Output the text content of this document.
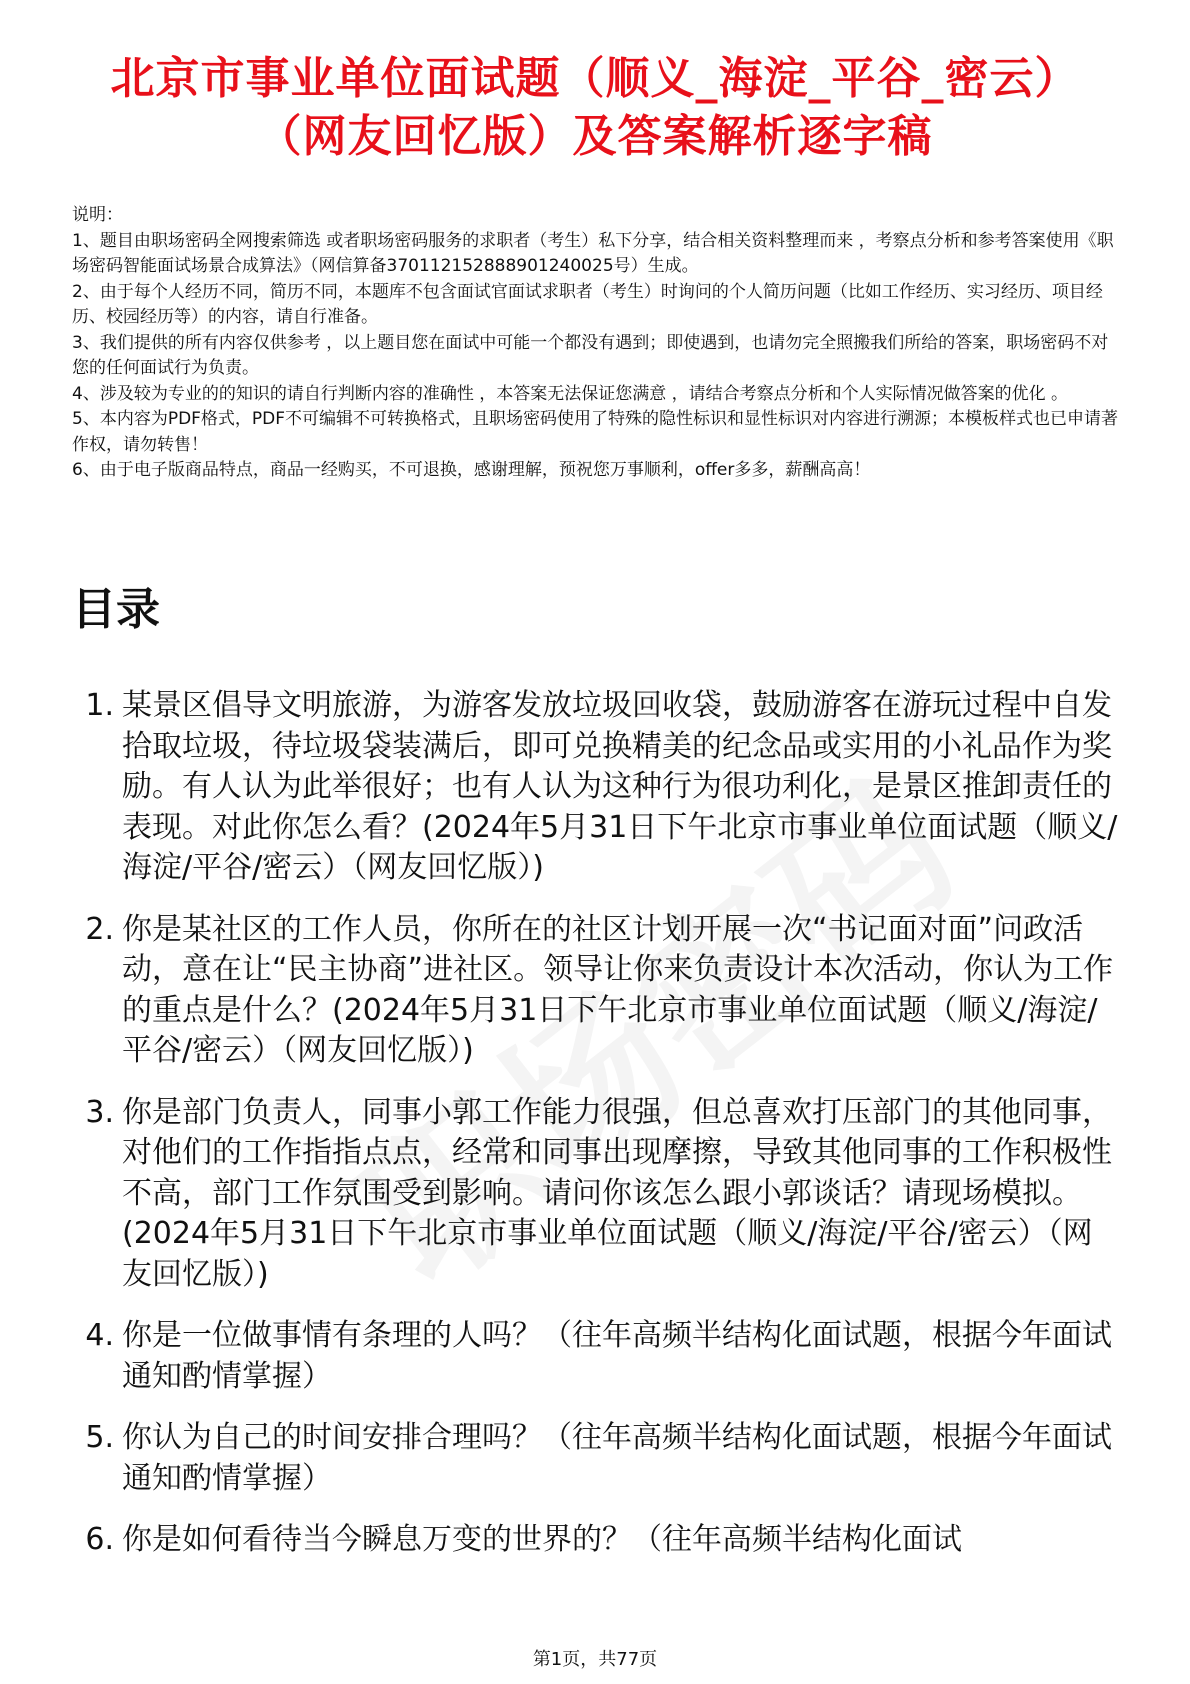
北京市事业单位面试题（顺义_海淀_平谷_密云）（网友回忆版）及答案解析逐字稿

说明：

1、题目由职场密码全网搜索筛选 或者职场密码服务的求职者（考生）私下分享，结合相关资料整理而来 ，考察点分析和参考答案使用《职场密码智能面试场景合成算法》（网信算备370112152888901240025号）生成。

2、由于每个人经历不同，简历不同，本题库不包含面试官面试求职者（考生）时询问的个人简历问题（比如工作经历、实习经历、项目经历、校园经历等）的内容，请自行准备。

3、我们提供的所有内容仅供参考 ，以上题目您在面试中可能一个都没有遇到；即使遇到，也请勿完全照搬我们所给的答案，职场密码不对您的任何面试行为负责。

4、涉及较为专业的的知识的请自行判断内容的准确性 ，本答案无法保证您满意 ，请结合考察点分析和个人实际情况做答案的优化 。

5、本内容为PDF格式，PDF不可编辑不可转换格式，且职场密码使用了特殊的隐性标识和显性标识对内容进行溯源；本模板样式也已申请著作权，请勿转售！

6、由于电子版商品特点，商品一经购买，不可退换，感谢理解，预祝您万事顺利，offer多多，薪酬高高！

目录
1. 某景区倡导文明旅游，为游客发放垃圾回收袋，鼓励游客在游玩过程中自发拾取垃圾，待垃圾袋装满后，即可兑换精美的纪念品或实用的小礼品作为奖励。有人认为此举很好；也有人认为这种行为很功利化，是景区推卸责任的表现。对此你怎么看？(2024年5月31日下午北京市事业单位面试题（顺义/海淀/平谷/密云）（网友回忆版）)
2. 你是某社区的工作人员，你所在的社区计划开展一次“书记面对面”问政活动，意在让“民主协商”进社区。领导让你来负责设计本次活动，你认为工作的重点是什么？(2024年5月31日下午北京市事业单位面试题（顺义/海淀/平谷/密云）（网友回忆版）)
3. 你是部门负责人，同事小郭工作能力很强，但总喜欢打压部门的其他同事，对他们的工作指指点点，经常和同事出现摩擦，导致其他同事的工作积极性不高，部门工作氛围受到影响。请问你该怎么跟小郭谈话？请现场模拟。(2024年5月31日下午北京市事业单位面试题（顺义/海淀/平谷/密云）（网友回忆版）)
4. 你是一位做事情有条理的人吗？（往年高频半结构化面试题，根据今年面试通知酌情掌握）
5. 你认为自己的时间安排合理吗？（往年高频半结构化面试题，根据今年面试通知酌情掌握）
6. 你是如何看待当今瞬息万变的世界的？（往年高频半结构化面试
第1页，共77页
